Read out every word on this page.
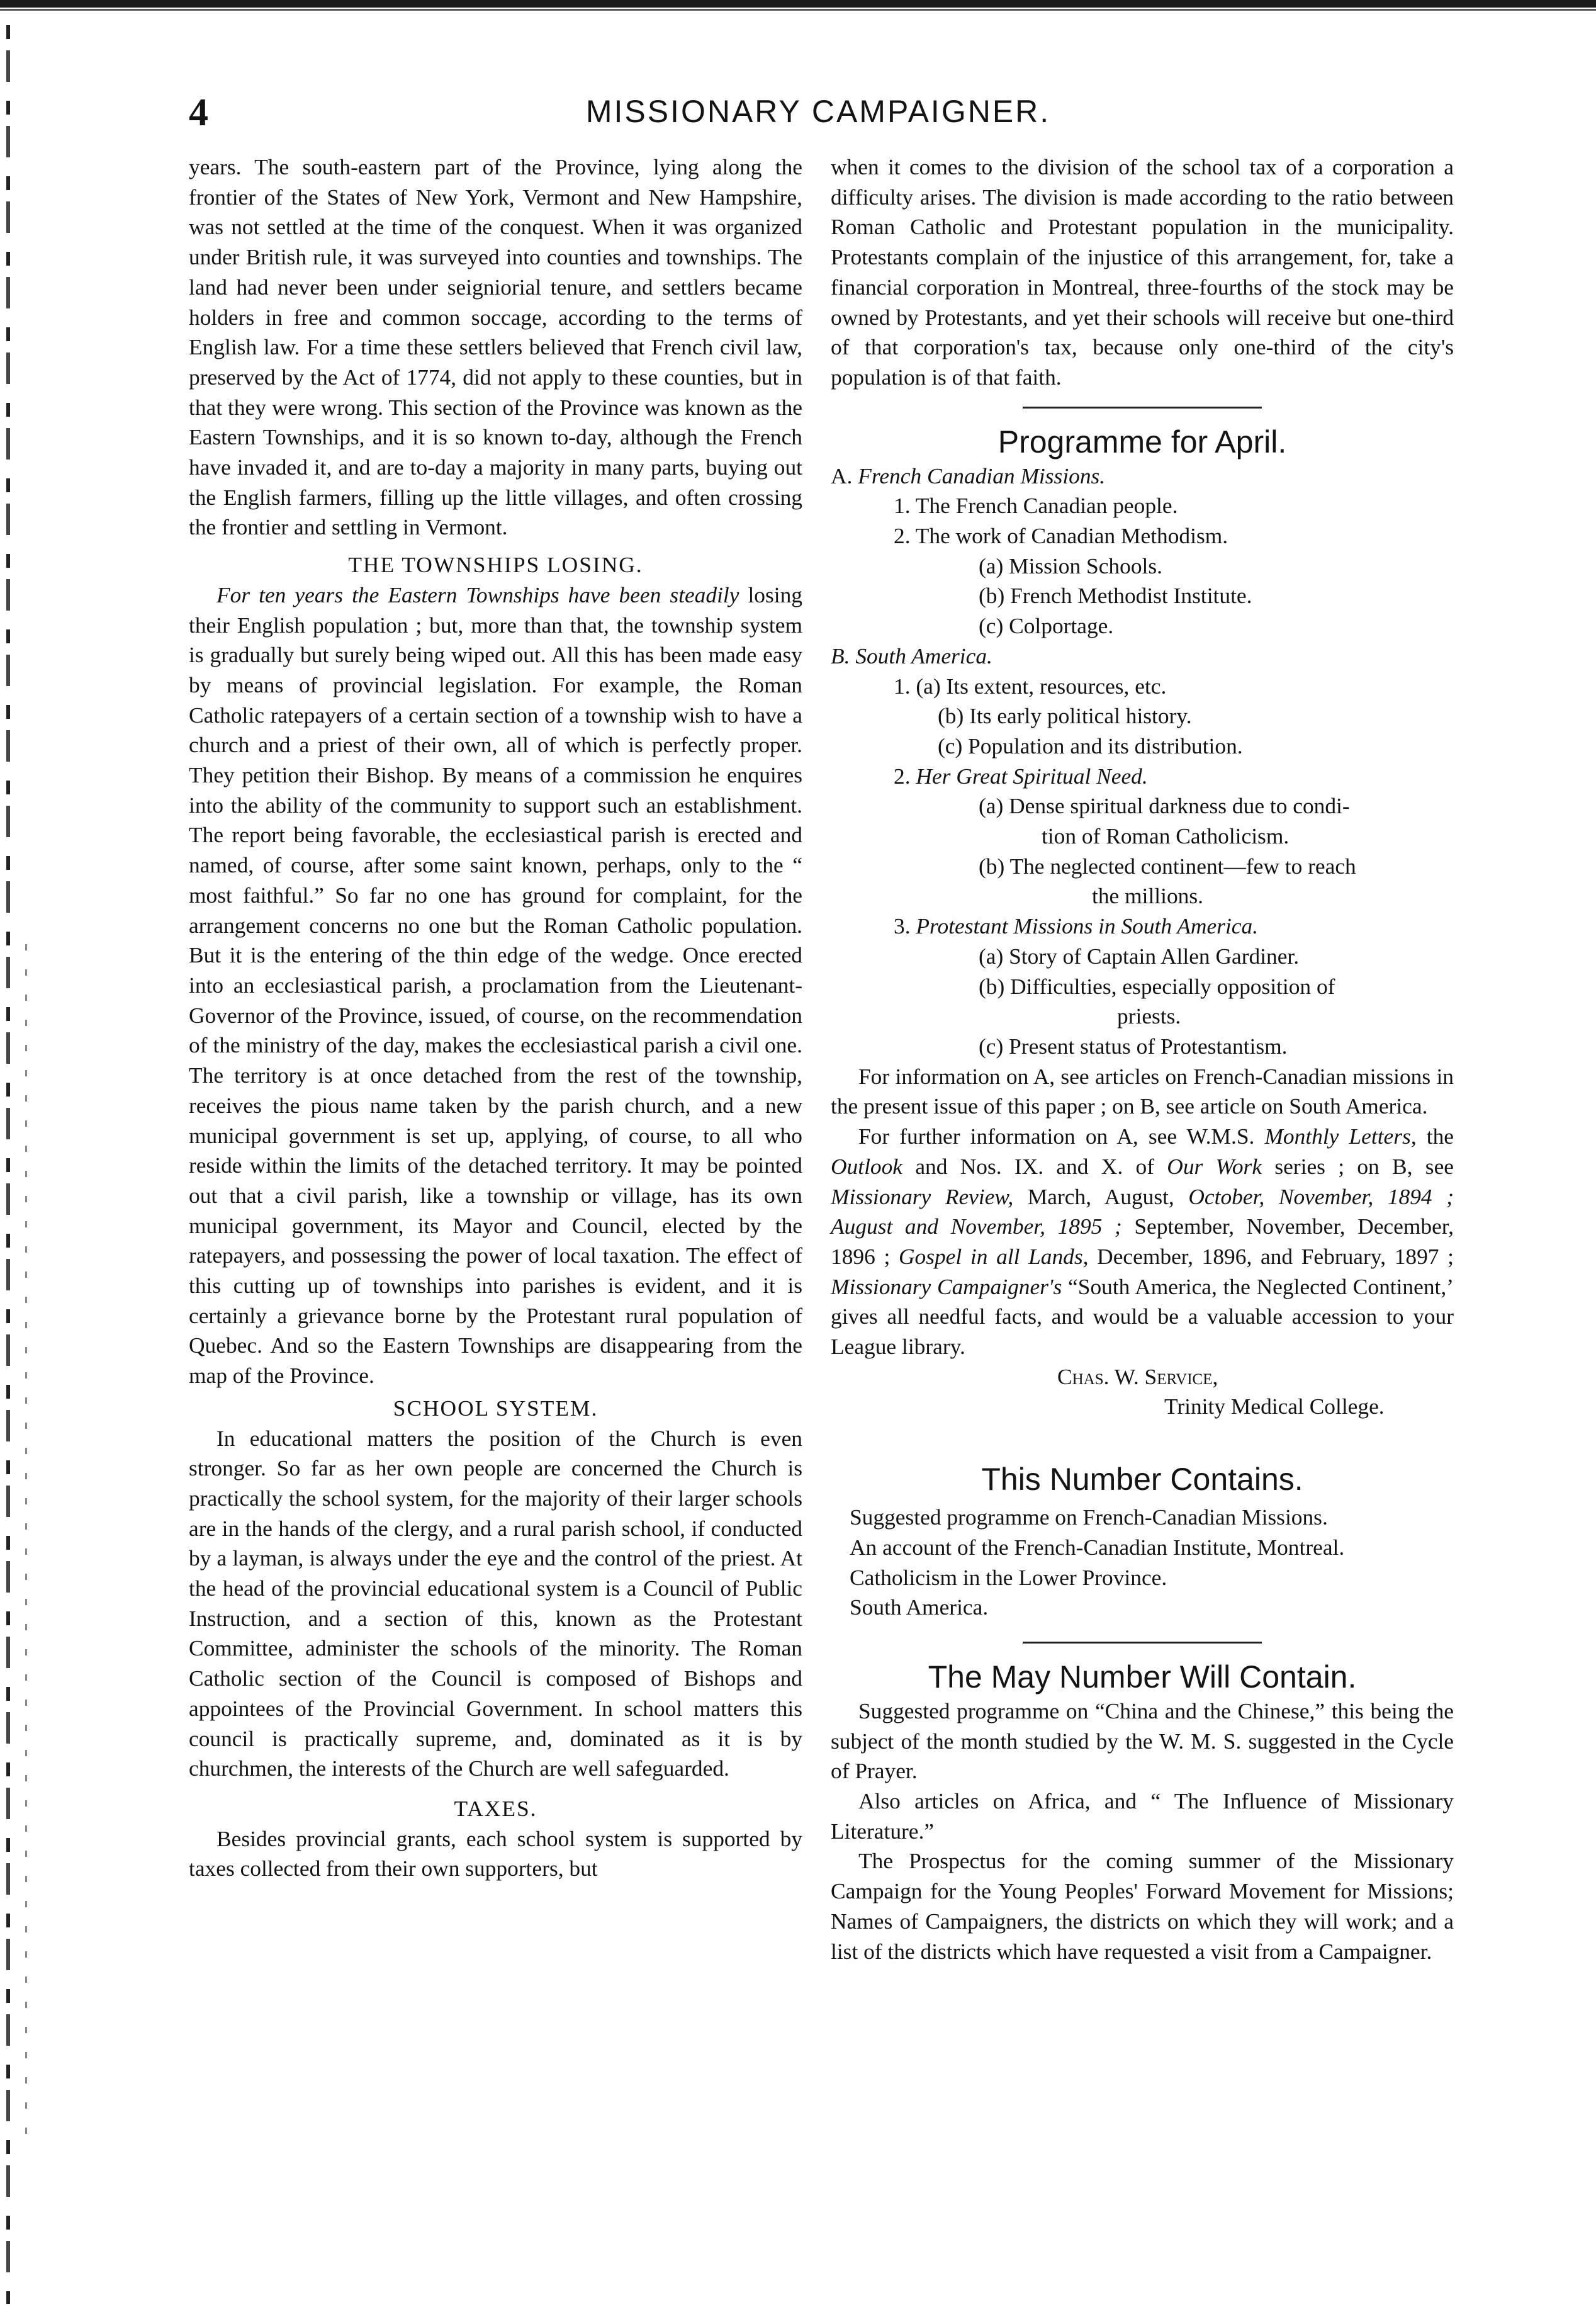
4	MISSIONARY CAMPAIGNER.

years. The south-eastern part of the Province, lying along the frontier of the States of New York, Vermont and New Hampshire, was not settled at the time of the conquest. When it was organized under British rule, it was surveyed into counties and townships. The land had never been under seigniorial tenure, and settlers became holders in free and common soccage, according to the terms of English law. For a time these settlers believed that French civil law, preserved by the Act of 1774, did not apply to these counties, but in that they were wrong. This section of the Province was known as the Eastern Townships, and it is so known to-day, although the French have invaded it, and are to-day a majority in many parts, buying out the English farmers, filling up the little villages, and often crossing the frontier and settling in Vermont.

THE TOWNSHIPS LOSING.

For ten years the Eastern Townships have been steadily losing their English population ; but, more than that, the township system is gradually but surely being wiped out. All this has been made easy by means of provincial legislation. For example, the Roman Catholic ratepayers of a certain section of a township wish to have a church and a priest of their own, all of which is perfectly proper. They petition their Bishop. By means of a commission he enquires into the ability of the community to support such an establishment. The report being favorable, the ecclesiastical parish is erected and named, of course, after some saint known, perhaps, only to the “ most faithful.” So far no one has ground for complaint, for the arrangement concerns no one but the Roman Catholic population. But it is the entering of the thin edge of the wedge. Once erected into an ecclesiastical parish, a proclamation from the Lieutenant-Governor of the Province, issued, of course, on the recommendation of the ministry of the day, makes the ecclesiastical parish a civil one. The territory is at once detached from the rest of the township, receives the pious name taken by the parish church, and a new municipal government is set up, applying, of course, to all who reside within the limits of the detached territory. It may be pointed out that a civil parish, like a township or village, has its own municipal government, its Mayor and Council, elected by the ratepayers, and possessing the power of local taxation. The effect of this cutting up of townships into parishes is evident, and it is certainly a grievance borne by the Protestant rural population of Quebec. And so the Eastern Townships are disappearing from the map of the Province.

SCHOOL SYSTEM.

In educational matters the position of the Church is even stronger. So far as her own people are concerned the Church is practically the school system, for the majority of their larger schools are in the hands of the clergy, and a rural parish school, if conducted by a layman, is always under the eye and the control of the priest. At the head of the provincial educational system is a Council of Public Instruction, and a section of this, known as the Protestant Committee, administer the schools of the minority. The Roman Catholic section of the Council is composed of Bishops and appointees of the Provincial Government. In school matters this council is practically supreme, and, dominated as it is by churchmen, the interests of the Church are well safeguarded.

TAXES.

Besides provincial grants, each school system is supported by taxes collected from their own supporters, but

when it comes to the division of the school tax of a corporation a difficulty arises. The division is made according to the ratio between Roman Catholic and Protestant population in the municipality. Protestants complain of the injustice of this arrangement, for, take a financial corporation in Montreal, three-fourths of the stock may be owned by Protestants, and yet their schools will receive but one-third of that corporation's tax, because only one-third of the city's population is of that faith.

Programme for April.
A. French Canadian Missions.
1. The French Canadian people.
2. The work of Canadian Methodism.
(a) Mission Schools.
(b) French Methodist Institute.
(c) Colportage.
B. South America.
1. (a) Its extent, resources, etc.
(b) Its early political history.
(c) Population and its distribution.
2. Her Great Spiritual Need.
(a) Dense spiritual darkness due to condi-
tion of Roman Catholicism.
(b) The neglected continent—few to reach
the millions.
3. Protestant Missions in South America.
(a) Story of Captain Allen Gardiner.
(b) Difficulties, especially opposition of
priests.
(c) Present status of Protestantism.

For information on A, see articles on French-Canadian missions in the present issue of this paper ; on B, see article on South America.

For further information on A, see W.M.S. Monthly Letters, the Outlook and Nos. IX. and X. of Our Work series ; on B, see Missionary Review, March, August, October, November, 1894 ; August and November, 1895 ; September, November, December, 1896 ; Gospel in all Lands, December, 1896, and February, 1897 ; Missionary Campaigner's “South America, the Neglected Continent,’ gives all needful facts, and would be a valuable accession to your League library.

Chas. W. Service,
Trinity Medical College.
This Number Contains.
Suggested programme on French-Canadian Missions.
An account of the French-Canadian Institute, Montreal.
Catholicism in the Lower Province.
South America.
The May Number Will Contain.

Suggested programme on “China and the Chinese,” this being the subject of the month studied by the W. M. S. suggested in the Cycle of Prayer.

Also articles on Africa, and “ The Influence of Missionary Literature.”

The Prospectus for the coming summer of the Missionary Campaign for the Young Peoples' Forward Movement for Missions; Names of Campaigners, the districts on which they will work; and a list of the districts which have requested a visit from a Campaigner.
